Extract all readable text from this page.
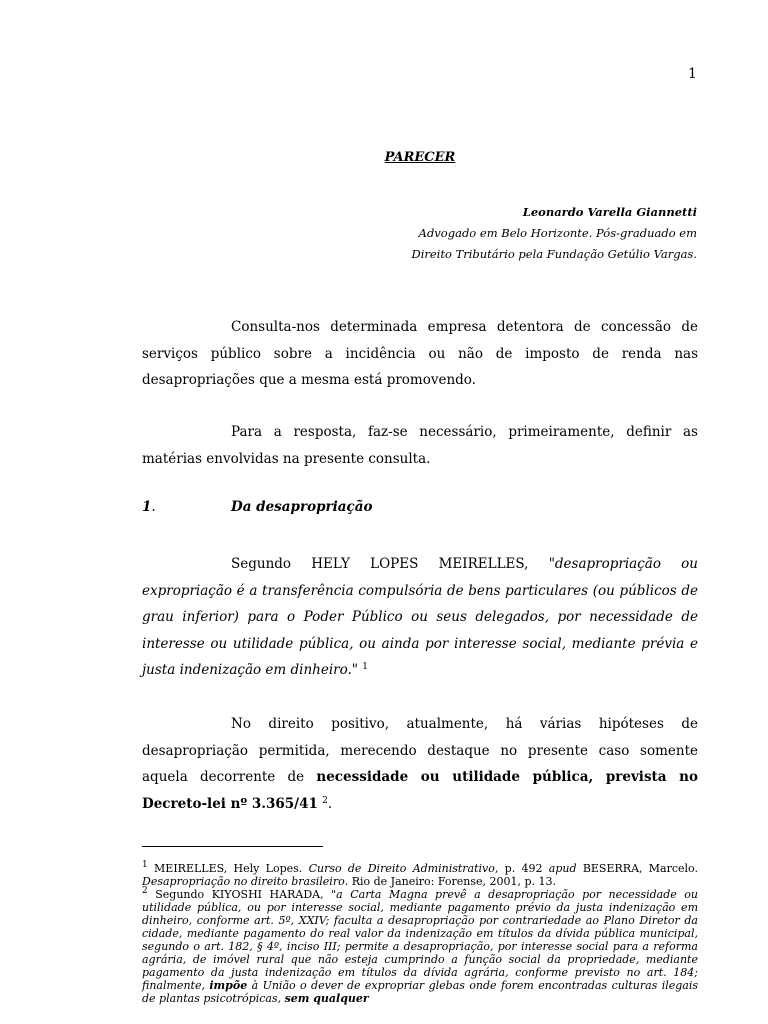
1
PARECER
Leonardo Varella Giannetti
Advogado em Belo Horizonte. Pós-graduado em
Direito Tributário pela Fundação Getúlio Vargas.
Consulta-nos determinada empresa detentora de concessão de serviços público sobre a incidência ou não de imposto de renda nas desapropriações que a mesma está promovendo.
Para a resposta, faz-se necessário, primeiramente, definir as matérias envolvidas na presente consulta.
1.	Da desapropriação
Segundo HELY LOPES MEIRELLES, "desapropriação ou expropriação é a transferência compulsória de bens particulares (ou públicos de grau inferior) para o Poder Público ou seus delegados, por necessidade de interesse ou utilidade pública, ou ainda por interesse social, mediante prévia e justa indenização em dinheiro." $^1$
No direito positivo, atualmente, há várias hipóteses de desapropriação permitida, merecendo destaque no presente caso somente aquela decorrente de necessidade ou utilidade pública, prevista no Decreto-lei nº 3.365/41 $^2$.

$^1$ MEIRELLES, Hely Lopes. Curso de Direito Administrativo, p. 492 apud BESERRA, Marcelo. Desapropriação no direito brasileiro. Rio de Janeiro: Forense, 2001, p. 13.

$^2$ Segundo KIYOSHI HARADA, "a Carta Magna prevê a desapropriação por necessidade ou utilidade pública, ou por interesse social, mediante pagamento prévio da justa indenização em dinheiro, conforme art. 5º, XXIV; faculta a desapropriação por contrariedade ao Plano Diretor da cidade, mediante pagamento do real valor da indenização em títulos da dívida pública municipal, segundo o art. 182, § 4º, inciso III; permite a desapropriação, por interesse social para a reforma agrária, de imóvel rural que não esteja cumprindo a função social da propriedade, mediante pagamento da justa indenização em títulos da dívida agrária, conforme previsto no art. 184; finalmente, impõe à União o dever de expropriar glebas onde forem encontradas culturas ilegais de plantas psicotrópicas, sem qualquer
